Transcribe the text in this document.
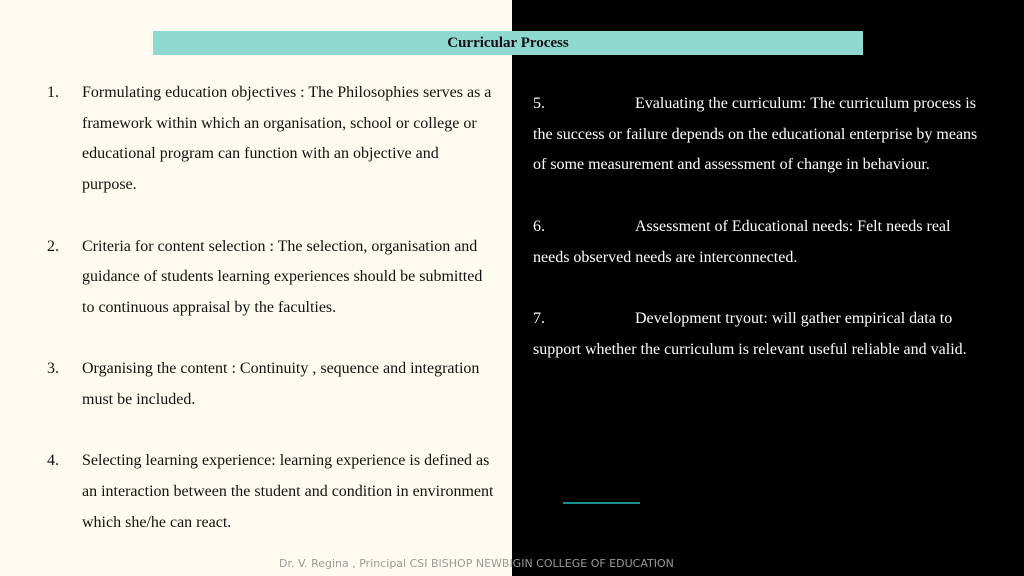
Curricular Process
1.	Formulating education objectives : The Philosophies serves as a framework within which an organisation, school or college or educational program can function with an objective and purpose.
2.	Criteria for content selection : The selection, organisation and guidance of students learning experiences should be submitted to continuous appraisal by the faculties.
3.	Organising the content : Continuity , sequence and integration must be included.
4.	Selecting learning experience: learning experience is defined as an interaction between the student and condition in environment which she/he can react.
5.	Evaluating the curriculum: The curriculum process is the success or failure depends on the educational enterprise by means of some measurement and assessment of change in behaviour.
6.	Assessment of Educational needs: Felt needs real needs observed needs are interconnected.
7.	Development tryout: will gather empirical data to support whether the curriculum is relevant useful reliable and valid.
Dr. V. Regina , Principal CSI BISHOP NEWBIGIN COLLEGE OF EDUCATION
